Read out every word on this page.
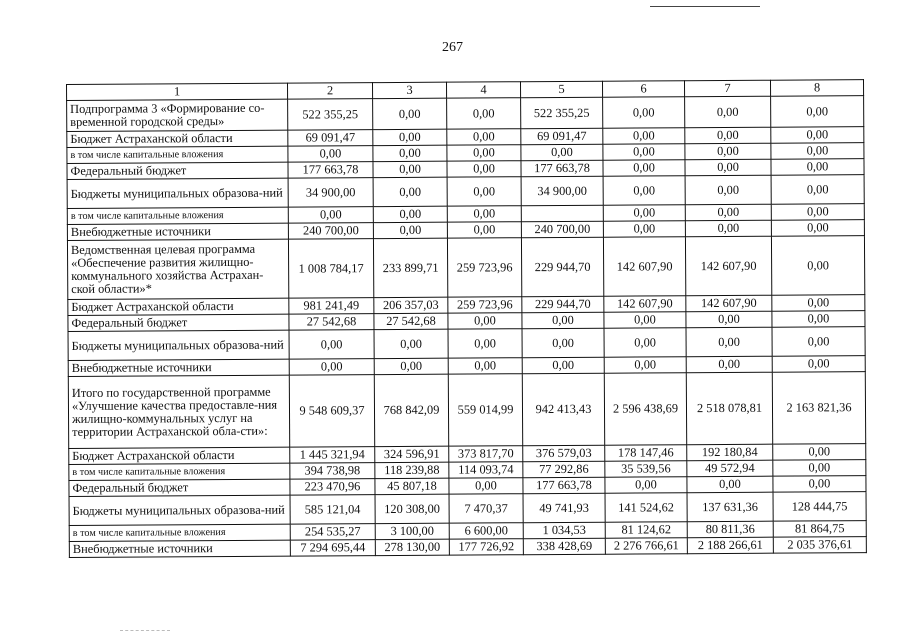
267
1	2	3	4	5	6	7	8
Подпрограмма 3 «Формирование со-временной городской среды»	522 355,25	0,00	0,00	522 355,25	0,00	0,00	0,00
Бюджет Астраханской области	69 091,47	0,00	0,00	69 091,47	0,00	0,00	0,00
в том числе капитальные вложения	0,00	0,00	0,00	0,00	0,00	0,00	0,00
Федеральный бюджет	177 663,78	0,00	0,00	177 663,78	0,00	0,00	0,00
Бюджеты муниципальных образова-ний	34 900,00	0,00	0,00	34 900,00	0,00	0,00	0,00
в том числе капитальные вложения	0,00	0,00	0,00		0,00	0,00	0,00
Внебюджетные источники	240 700,00	0,00	0,00	240 700,00	0,00	0,00	0,00
Ведомственная целевая программа «Обеспечение развития жилищно-коммунального хозяйства Астрахан-ской области»*	1 008 784,17	233 899,71	259 723,96	229 944,70	142 607,90	142 607,90	0,00
Бюджет Астраханской области	981 241,49	206 357,03	259 723,96	229 944,70	142 607,90	142 607,90	0,00
Федеральный бюджет	27 542,68	27 542,68	0,00	0,00	0,00	0,00	0,00
Бюджеты муниципальных образова-ний	0,00	0,00	0,00	0,00	0,00	0,00	0,00
Внебюджетные источники	0,00	0,00	0,00	0,00	0,00	0,00	0,00
Итого по государственной программе «Улучшение качества предоставле-ния жилищно-коммунальных услуг на территории Астраханской обла-сти»:	9 548 609,37	768 842,09	559 014,99	942 413,43	2 596 438,69	2 518 078,81	2 163 821,36
Бюджет Астраханской области	1 445 321,94	324 596,91	373 817,70	376 579,03	178 147,46	192 180,84	0,00
в том числе капитальные вложения	394 738,98	118 239,88	114 093,74	77 292,86	35 539,56	49 572,94	0,00
Федеральный бюджет	223 470,96	45 807,18	0,00	177 663,78	0,00	0,00	0,00
Бюджеты муниципальных образова-ний	585 121,04	120 308,00	7 470,37	49 741,93	141 524,62	137 631,36	128 444,75
в том числе капитальные вложения	254 535,27	3 100,00	6 600,00	1 034,53	81 124,62	80 811,36	81 864,75
Внебюджетные источники	7 294 695,44	278 130,00	177 726,92	338 428,69	2 276 766,61	2 188 266,61	2 035 376,61
